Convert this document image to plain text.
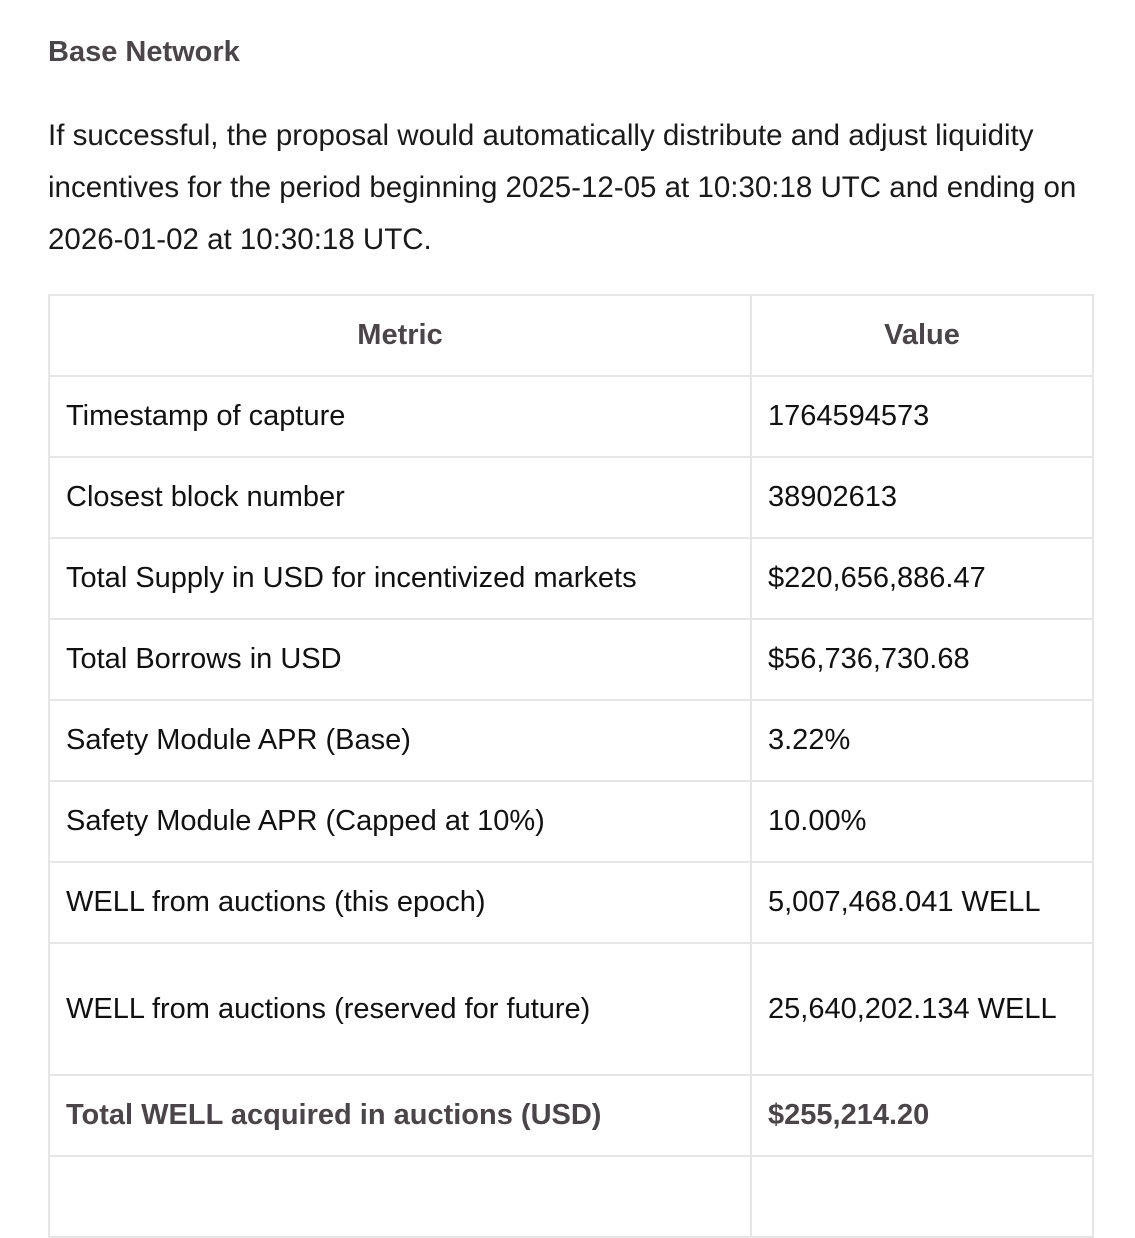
Base Network

If successful, the proposal would automatically distribute and adjust liquidity incentives for the period beginning 2025-12-05 at 10:30:18 UTC and ending on 2026-01-02 at 10:30:18 UTC.

Metric	Value
Timestamp of capture	1764594573
Closest block number	38902613
Total Supply in USD for incentivized markets	$220,656,886.47
Total Borrows in USD	$56,736,730.68
Safety Module APR (Base)	3.22%
Safety Module APR (Capped at 10%)	10.00%
WELL from auctions (this epoch)	5,007,468.041 WELL
WELL from auctions (reserved for future)	25,640,202.134 WELL
Total WELL acquired in auctions (USD)	$255,214.20
